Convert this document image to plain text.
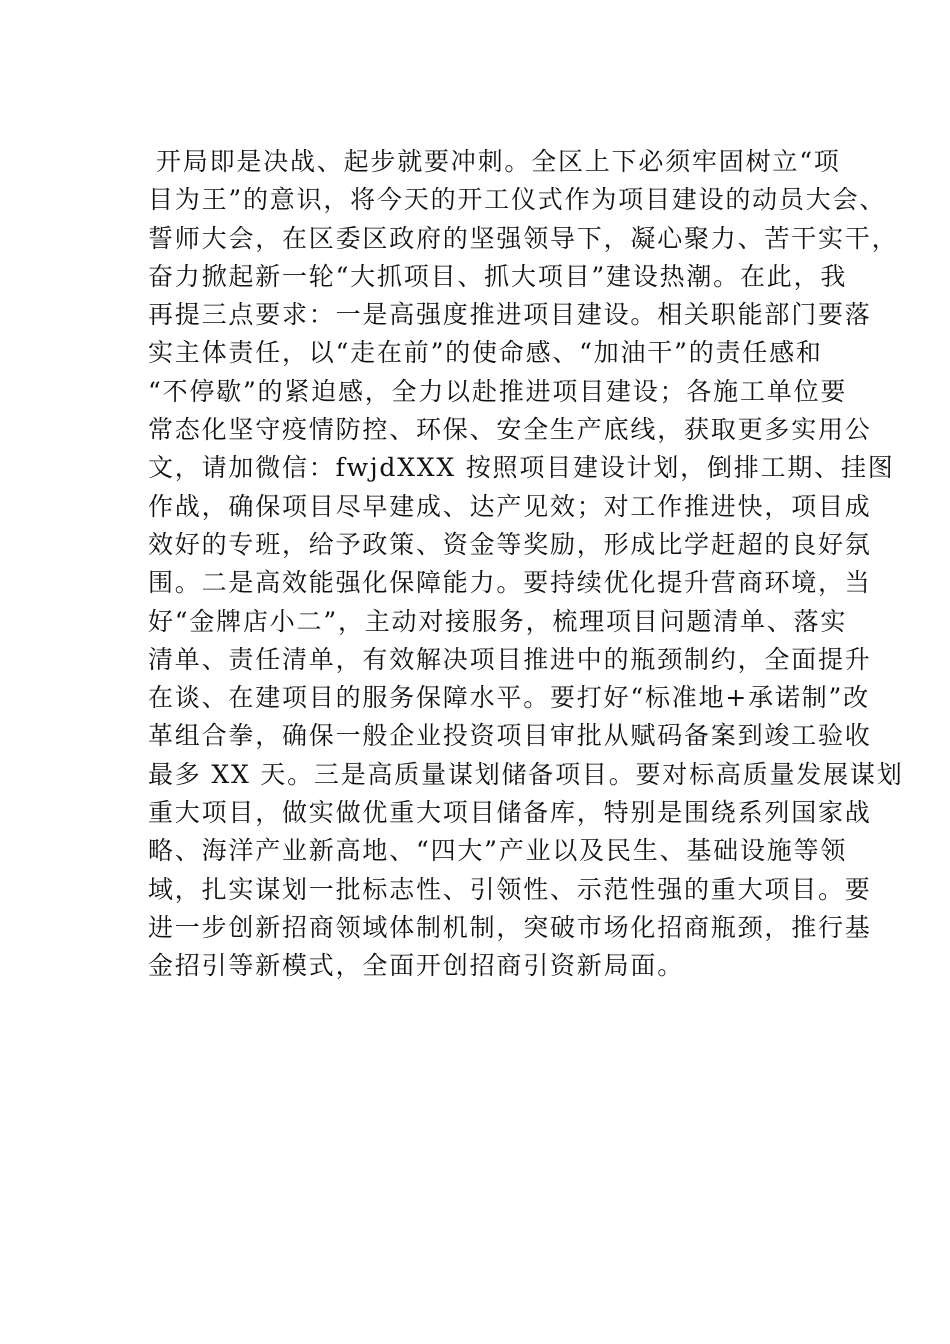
开局即是决战、起步就要冲刺。全区上下必须牢固树立“项
目为王”的意识，将今天的开工仪式作为项目建设的动员大会、
誓师大会，在区委区政府的坚强领导下，凝心聚力、苦干实干，
奋力掀起新一轮“大抓项目、抓大项目”建设热潮。在此，我
再提三点要求：一是高强度推进项目建设。相关职能部门要落
实主体责任，以“走在前”的使命感、“加油干”的责任感和
“不停歇”的紧迫感，全力以赴推进项目建设；各施工单位要
常态化坚守疫情防控、环保、安全生产底线，获取更多实用公
文，请加微信：fwjdXXX 按照项目建设计划，倒排工期、挂图
作战，确保项目尽早建成、达产见效；对工作推进快，项目成
效好的专班，给予政策、资金等奖励，形成比学赶超的良好氛
围。二是高效能强化保障能力。要持续优化提升营商环境，当
好“金牌店小二”，主动对接服务，梳理项目问题清单、落实
清单、责任清单，有效解决项目推进中的瓶颈制约，全面提升
在谈、在建项目的服务保障水平。要打好“标准地+承诺制”改
革组合拳，确保一般企业投资项目审批从赋码备案到竣工验收
最多 XX 天。三是高质量谋划储备项目。要对标高质量发展谋划
重大项目，做实做优重大项目储备库，特别是围绕系列国家战
略、海洋产业新高地、“四大”产业以及民生、基础设施等领
域，扎实谋划一批标志性、引领性、示范性强的重大项目。要
进一步创新招商领域体制机制，突破市场化招商瓶颈，推行基
金招引等新模式，全面开创招商引资新局面。
